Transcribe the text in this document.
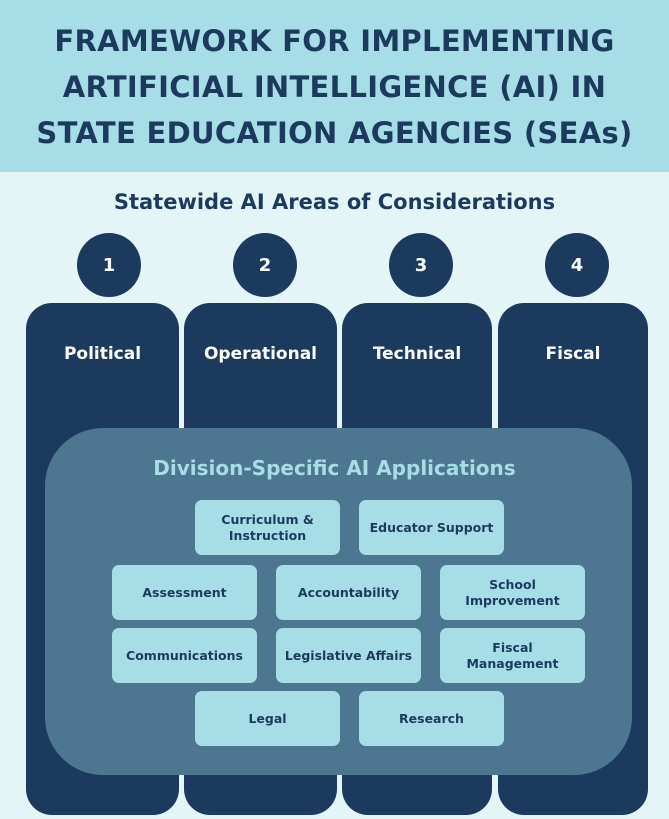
FRAMEWORK FOR IMPLEMENTING
ARTIFICIAL INTELLIGENCE (AI) IN
STATE EDUCATION AGENCIES (SEAs)
Statewide AI Areas of Considerations
1	2	3	4
Political	Operational	Technical	Fiscal
Division-Specific AI Applications
Curriculum &
Instruction
Educator Support
Assessment	Accountability
School
Improvement
Communications	Legislative Affairs
Fiscal
Management
Legal	Research
